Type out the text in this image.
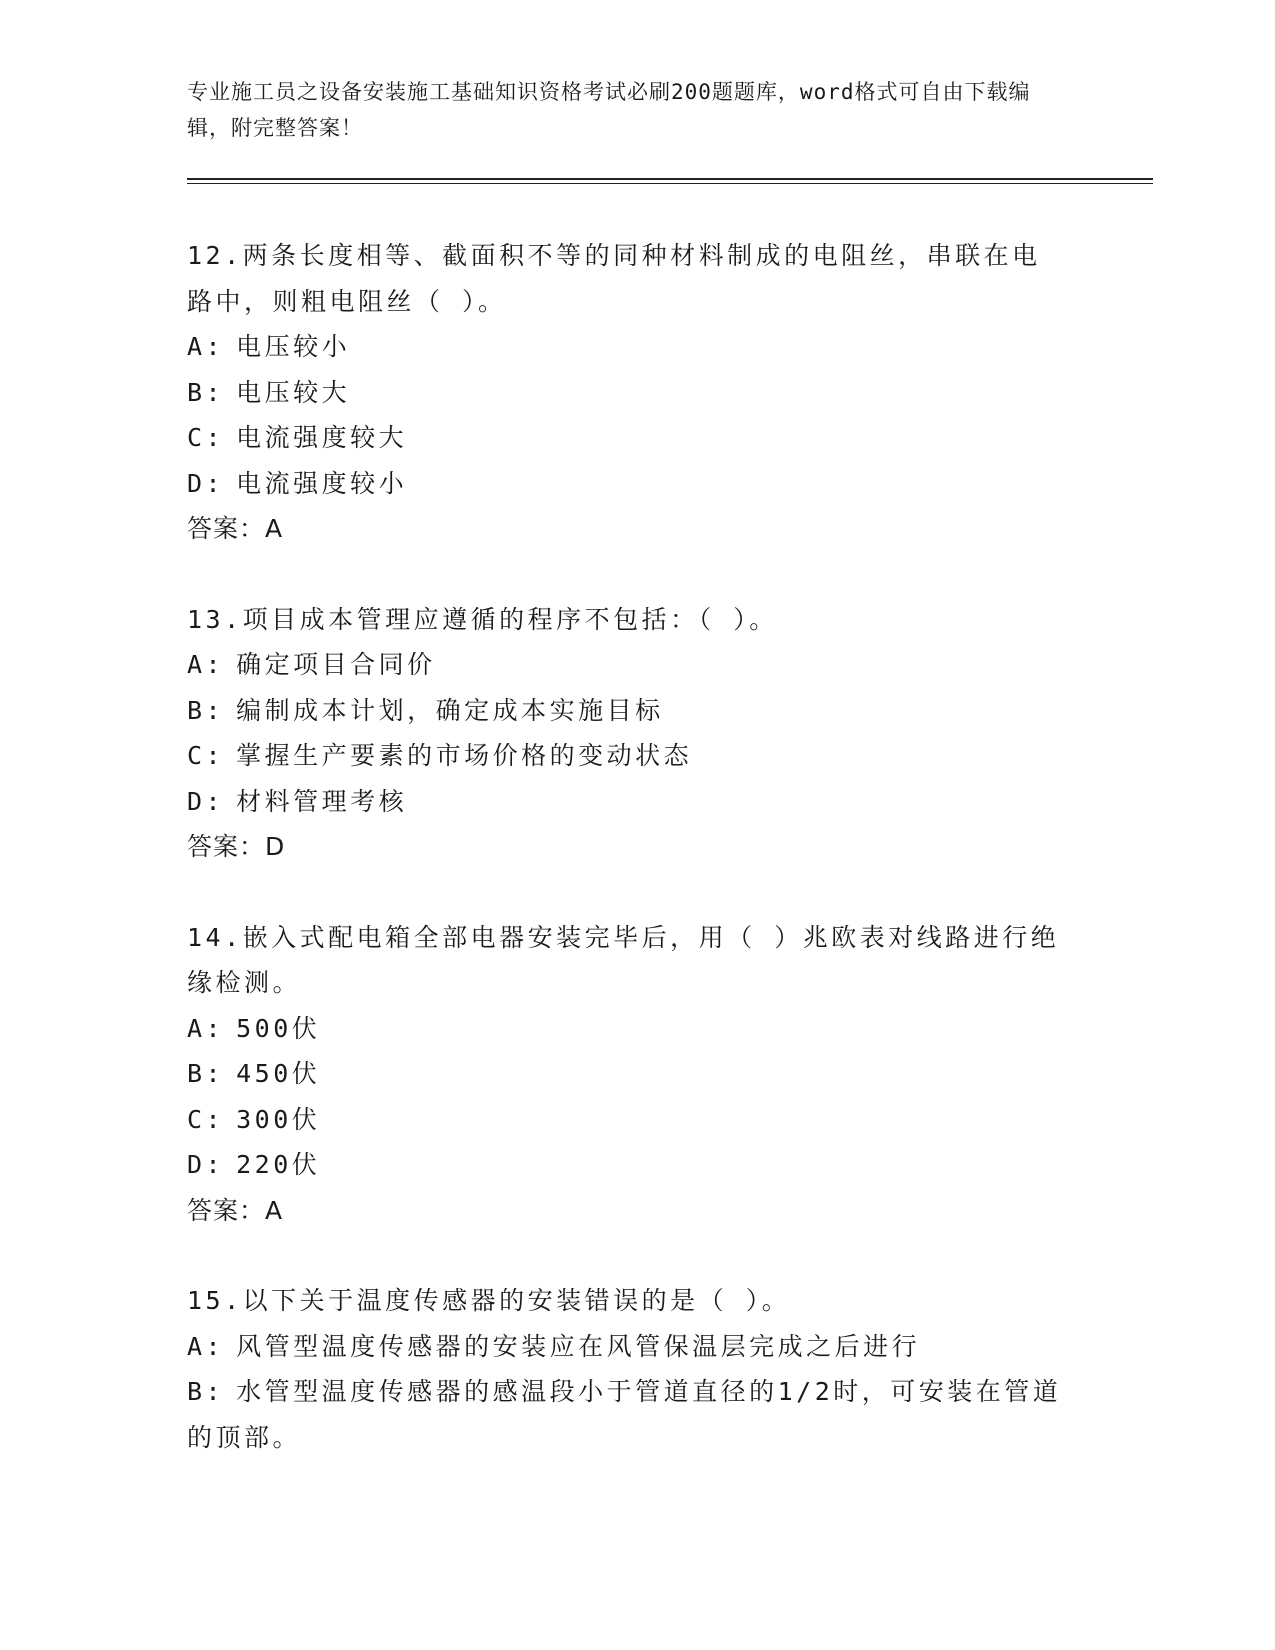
专业施工员之设备安装施工基础知识资格考试必刷200题题库，word格式可自由下载编辑，附完整答案！
12.两条长度相等、截面积不等的同种材料制成的电阻丝，串联在电路中，则粗电阻丝（ ）。
A: 电压较小
B: 电压较大
C: 电流强度较大
D: 电流强度较小
答案：A
13.项目成本管理应遵循的程序不包括：（ ）。
A: 确定项目合同价
B: 编制成本计划，确定成本实施目标
C: 掌握生产要素的市场价格的变动状态
D: 材料管理考核
答案：D
14.嵌入式配电箱全部电器安装完毕后，用（ ）兆欧表对线路进行绝缘检测。
A: 500伏
B: 450伏
C: 300伏
D: 220伏
答案：A
15.以下关于温度传感器的安装错误的是（ ）。
A: 风管型温度传感器的安装应在风管保温层完成之后进行
B: 水管型温度传感器的感温段小于管道直径的1/2时，可安装在管道的顶部。
